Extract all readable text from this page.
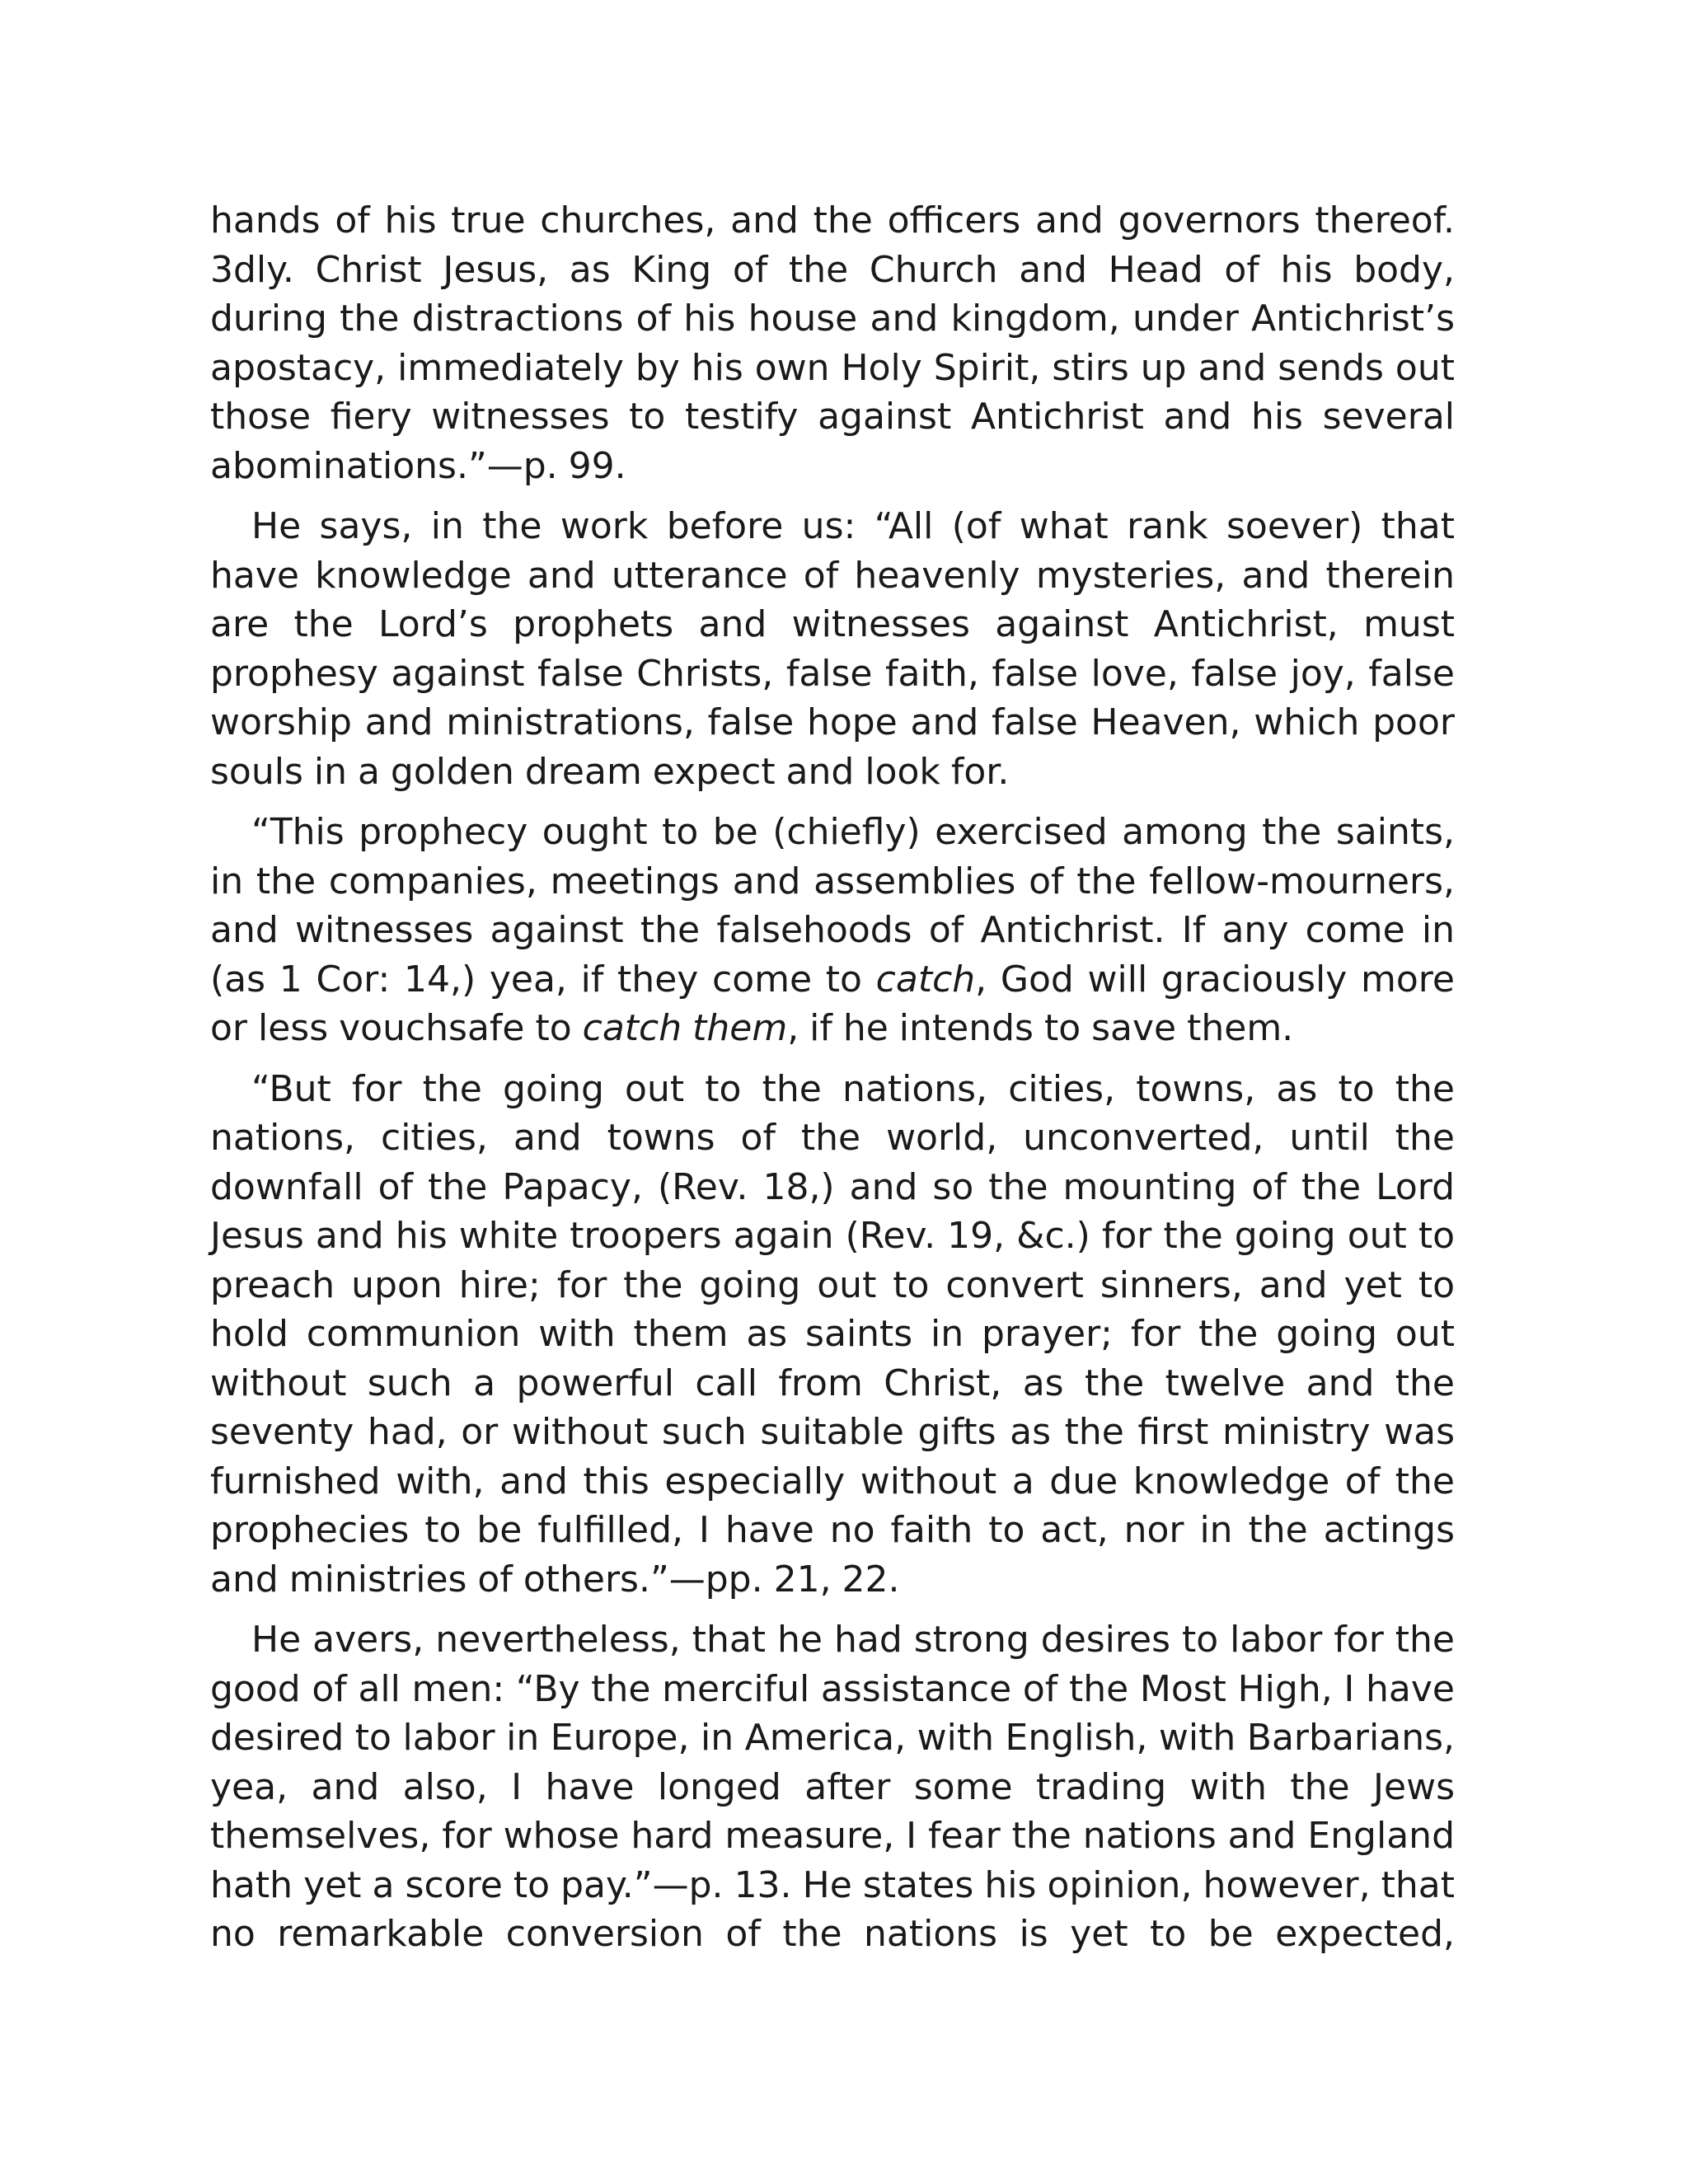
hands of his true churches, and the officers and governors thereof. 3dly. Christ Jesus, as King of the Church and Head of his body, during the distractions of his house and kingdom, under Antichrist’s apostacy, immediately by his own Holy Spirit, stirs up and sends out those fiery witnesses to testify against Antichrist and his several abominations.”—p. 99.

He says, in the work before us: “All (of what rank soever) that have knowledge and utterance of heavenly mysteries, and therein are the Lord’s prophets and witnesses against Antichrist, must prophesy against false Christs, false faith, false love, false joy, false worship and ministrations, false hope and false Heaven, which poor souls in a golden dream expect and look for.

“This prophecy ought to be (chiefly) exercised among the saints, in the companies, meetings and assemblies of the fellow-mourners, and witnesses against the falsehoods of Antichrist. If any come in (as 1 Cor: 14,) yea, if they come to catch, God will graciously more or less vouchsafe to catch them, if he intends to save them.

“But for the going out to the nations, cities, towns, as to the nations, cities, and towns of the world, unconverted, until the downfall of the Papacy, (Rev. 18,) and so the mounting of the Lord Jesus and his white troopers again (Rev. 19, &c.) for the going out to preach upon hire; for the going out to convert sinners, and yet to hold communion with them as saints in prayer; for the going out without such a powerful call from Christ, as the twelve and the seventy had, or without such suitable gifts as the first ministry was furnished with, and this especially without a due knowledge of the prophecies to be fulfilled, I have no faith to act, nor in the actings and ministries of others.”—pp. 21, 22.

He avers, nevertheless, that he had strong desires to labor for the good of all men: “By the merciful assistance of the Most High, I have desired to labor in Europe, in America, with English, with Barbarians, yea, and also, I have longed after some trading with the Jews themselves, for whose hard measure, I fear the nations and England hath yet a score to pay.”—p. 13. He states his opinion, however, that no remarkable conversion of the nations is yet to be expected,
